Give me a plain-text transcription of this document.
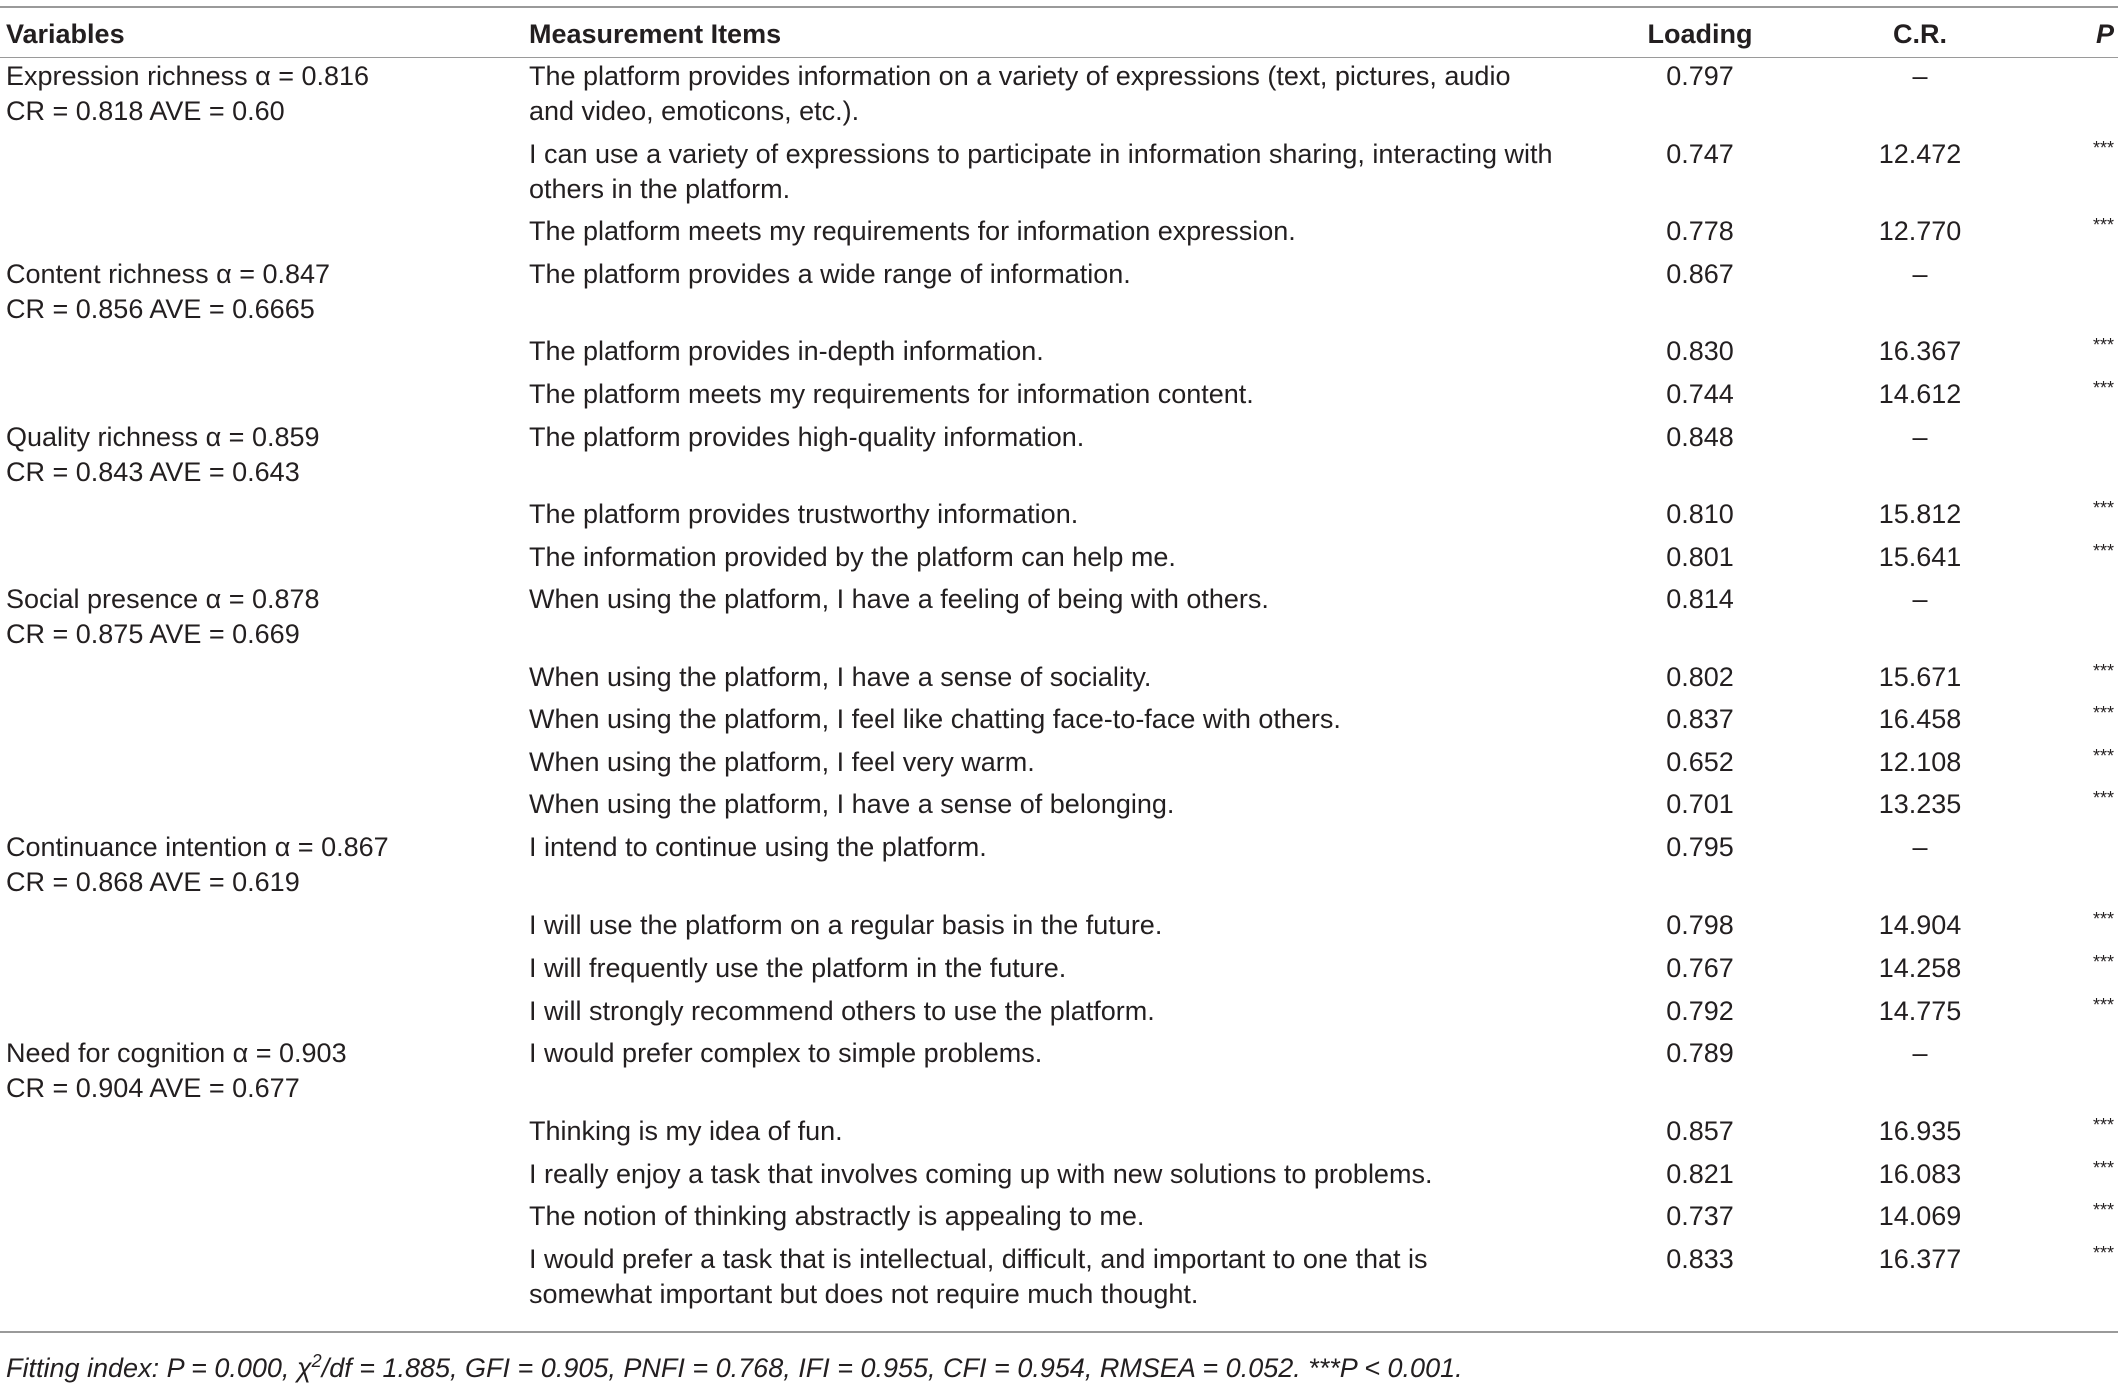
Variables	Measurement Items	Loading	C.R.	P
Expression richness α = 0.816
CR = 0.818 AVE = 0.60
The platform provides information on a variety of expressions (text, pictures, audio
and video, emoticons, etc.).
0.797	–
I can use a variety of expressions to participate in information sharing, interacting with
others in the platform.
0.747	12.472	***
The platform meets my requirements for information expression.	0.778	12.770	***
Content richness α = 0.847
CR = 0.856 AVE = 0.6665
The platform provides a wide range of information.	0.867	–
The platform provides in-depth information.	0.830	16.367	***
The platform meets my requirements for information content.	0.744	14.612	***
Quality richness α = 0.859
CR = 0.843 AVE = 0.643
The platform provides high-quality information.	0.848	–
The platform provides trustworthy information.	0.810	15.812	***
The information provided by the platform can help me.	0.801	15.641	***
Social presence α = 0.878
CR = 0.875 AVE = 0.669
When using the platform, I have a feeling of being with others.	0.814	–
When using the platform, I have a sense of sociality.	0.802	15.671	***
When using the platform, I feel like chatting face-to-face with others.	0.837	16.458	***
When using the platform, I feel very warm.	0.652	12.108	***
When using the platform, I have a sense of belonging.	0.701	13.235	***
Continuance intention α = 0.867
CR = 0.868 AVE = 0.619
I intend to continue using the platform.	0.795	–
I will use the platform on a regular basis in the future.	0.798	14.904	***
I will frequently use the platform in the future.	0.767	14.258	***
I will strongly recommend others to use the platform.	0.792	14.775	***
Need for cognition α = 0.903
CR = 0.904 AVE = 0.677
I would prefer complex to simple problems.	0.789	–
Thinking is my idea of fun.	0.857	16.935	***
I really enjoy a task that involves coming up with new solutions to problems.	0.821	16.083	***
The notion of thinking abstractly is appealing to me.	0.737	14.069	***
I would prefer a task that is intellectual, difficult, and important to one that is
somewhat important but does not require much thought.
0.833	16.377	***
Fitting index: P = 0.000, $\chi^2/df = 1.885$, GFI = 0.905, PNFI = 0.768, IFI = 0.955, CFI = 0.954, RMSEA = 0.052. ***P < 0.001.
